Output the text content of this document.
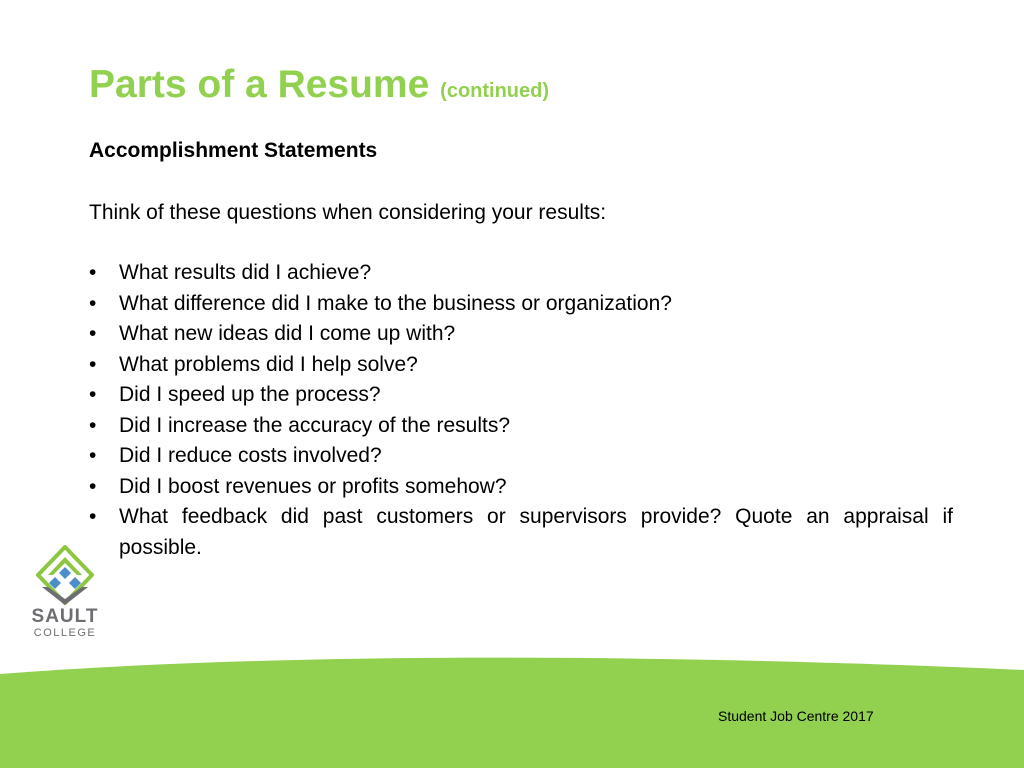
Parts of a Resume (continued)

Accomplishment Statements

Think of these questions when considering your results:

• What results did I achieve?
• What difference did I make to the business or organization?
• What new ideas did I come up with?
• What problems did I help solve?
• Did I speed up the process?
• Did I increase the accuracy of the results?
• Did I reduce costs involved?
• Did I boost revenues or profits somehow?
• What feedback did past customers or supervisors provide? Quote an appraisal if possible.
SAULT
COLLEGE

Student Job Centre 2017
